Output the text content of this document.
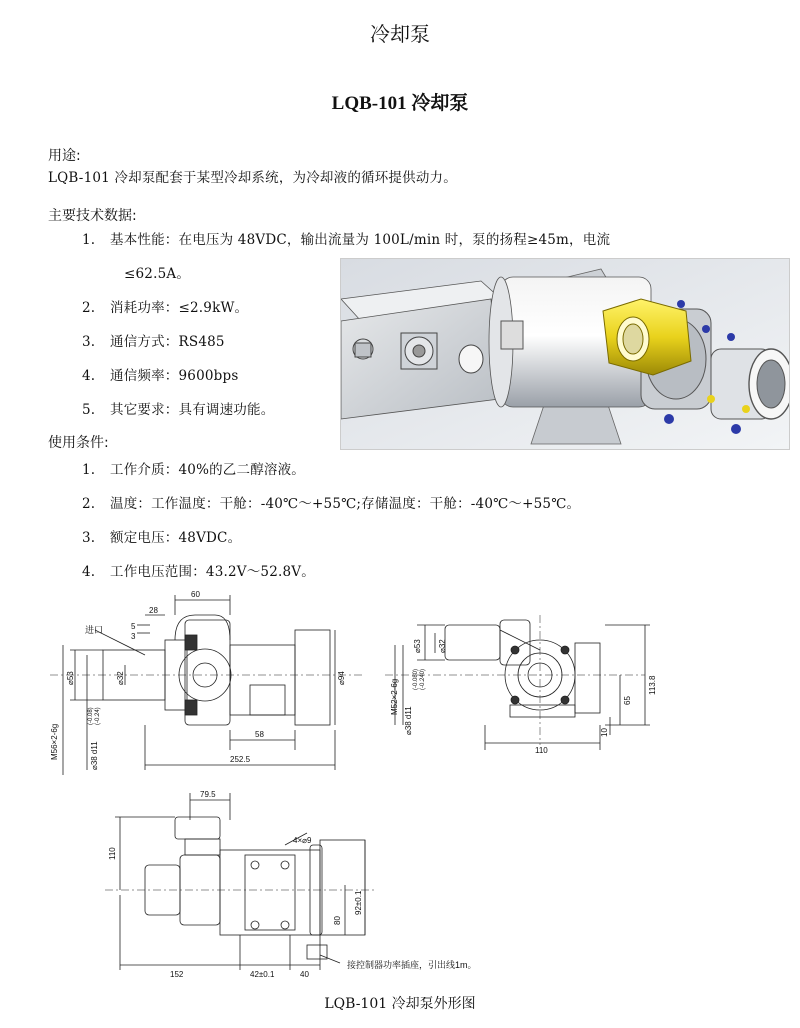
冷却泵
LQB-101 冷却泵
用途:
LQB-101 冷却泵配套于某型冷却系统，为冷却液的循环提供动力。
主要技术数据:
1. 基本性能：在电压为 48VDC，输出流量为 100L/min 时，泵的扬程≥45m，电流
≤62.5A。
2. 消耗功率：≤2.9kW。
3. 通信方式：RS485
4. 通信频率：9600bps
5. 其它要求：具有调速功能。
使用条件:
1. 工作介质：40%的乙二醇溶液。
2. 温度：工作温度：干舱：-40℃～+55℃;存储温度：干舱：-40℃～+55℃。
3. 额定电压：48VDC。
4. 工作电压范围：43.2V～52.8V。
60
28
5
3
进口
⌀53	⌀32	⌀94
58
252.5
M56×2-6g	⌀38 d11
(-0.08) (-0.24)
⌀53 ⌀32
M52×2-6g
⌀38 d11
(-0.080) (-0.240)
65
113.8
10
110
79.5
110
4×⌀9
92±0.1
80
152	42±0.1	40
接控制器功率插座，引出线1m。
LQB-101 冷却泵外形图
